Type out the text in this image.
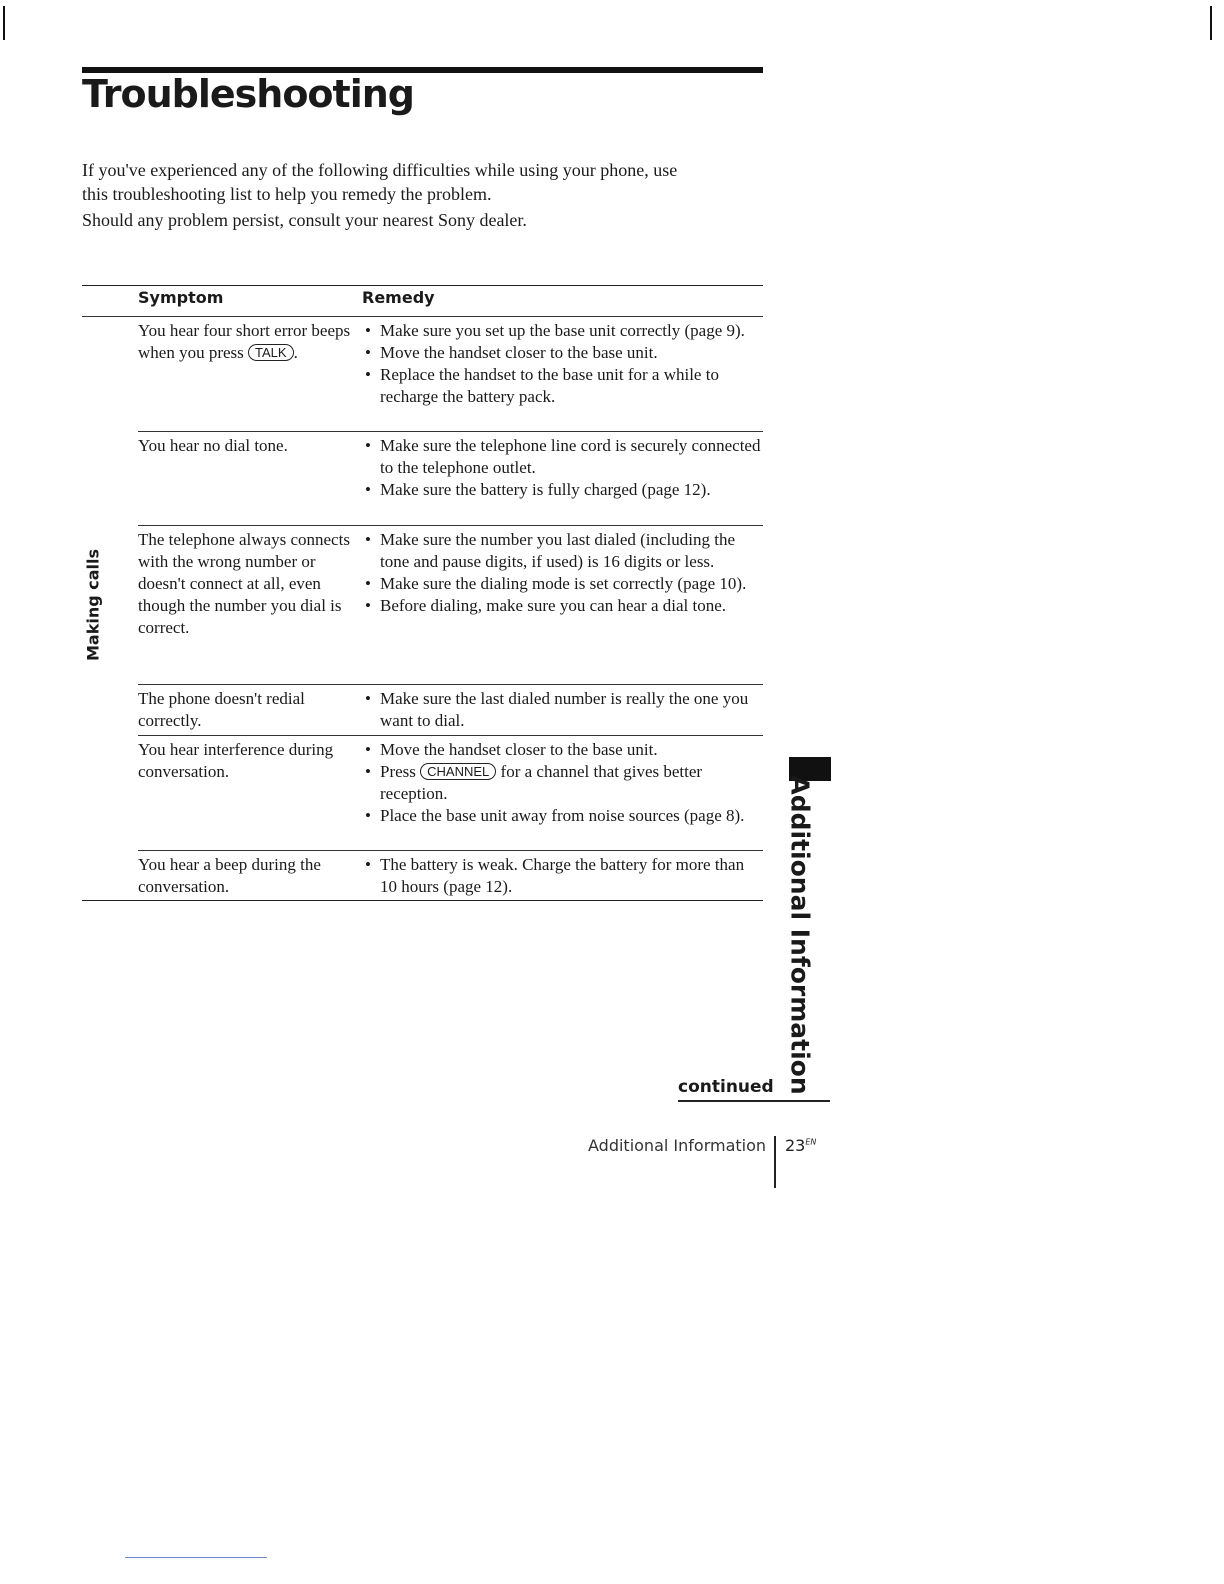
Troubleshooting

If you've experienced any of the following difficulties while using your phone, use this troubleshooting list to help you remedy the problem.

Should any problem persist, consult your nearest Sony dealer.

Symptom	Remedy
You hear four short error beeps when you press TALK .
• Make sure you set up the base unit correctly (page 9).
• Move the handset closer to the base unit.
• Replace the handset to the base unit for a while to recharge the battery pack.
You hear no dial tone.
•	Make sure the telephone line cord is securely connected to the telephone outlet.
• Make sure the battery is fully charged (page 12).
The telephone always connects with the wrong number or doesn't connect at all, even though the number you dial is correct.
• Make sure the number you last dialed (including the tone and pause digits, if used) is 16 digits or less.
• Make sure the dialing mode is set correctly (page 10).
• Before dialing, make sure you can hear a dial tone.
The phone doesn't redial correctly.
• Make sure the last dialed number is really the one you want to dial.
You hear interference during conversation.
• Move the handset closer to the base unit.
• Press CHANNEL for a channel that gives better reception.
• Place the base unit away from noise sources (page 8).
You hear a beep during the conversation.
• The battery is weak. Charge the battery for more than 10 hours (page 12).
Making calls
Additional Information
continued
Additional Information $23^{EN}$
